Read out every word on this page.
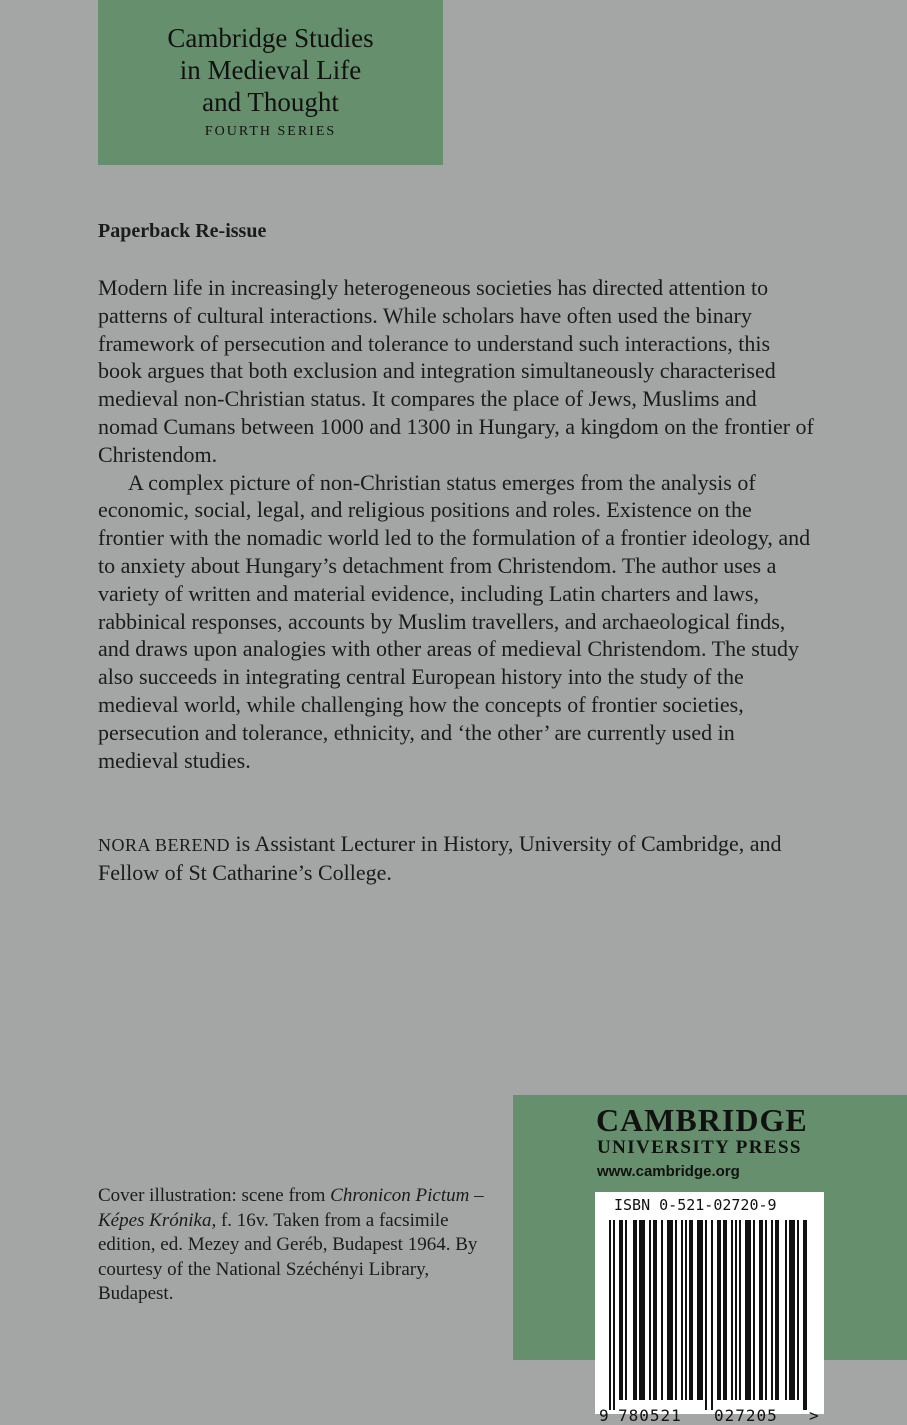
Cambridge Studies
in Medieval Life
and Thought
FOURTH SERIES
Paperback Re-issue

Modern life in increasingly heterogeneous societies has directed attention to patterns of cultural interactions. While scholars have often used the binary framework of persecution and tolerance to understand such interactions, this book argues that both exclusion and integration simultaneously characterised medieval non-Christian status. It compares the place of Jews, Muslims and nomad Cumans between 1000 and 1300 in Hungary, a kingdom on the frontier of Christendom.

A complex picture of non-Christian status emerges from the analysis of economic, social, legal, and religious positions and roles. Existence on the frontier with the nomadic world led to the formulation of a frontier ideology, and to anxiety about Hungary’s detachment from Christendom. The author uses a variety of written and material evidence, including Latin charters and laws, rabbinical responses, accounts by Muslim travellers, and archaeological finds, and draws upon analogies with other areas of medieval Christendom. The study also succeeds in integrating central European history into the study of the medieval world, while challenging how the concepts of frontier societies, persecution and tolerance, ethnicity, and ‘the other’ are currently used in medieval studies.

NORA BEREND is Assistant Lecturer in History, University of Cambridge, and Fellow of St Catharine’s College.
Cover illustration: scene from Chronicon Pictum – Képes Krónika, f. 16v. Taken from a facsimile edition, ed. Mezey and Geréb, Budapest 1964. By courtesy of the National Széchényi Library, Budapest.
CAMBRIDGE
UNIVERSITY PRESS
www.cambridge.org
ISBN 0-521-02720-9
9 780521 027205 >
